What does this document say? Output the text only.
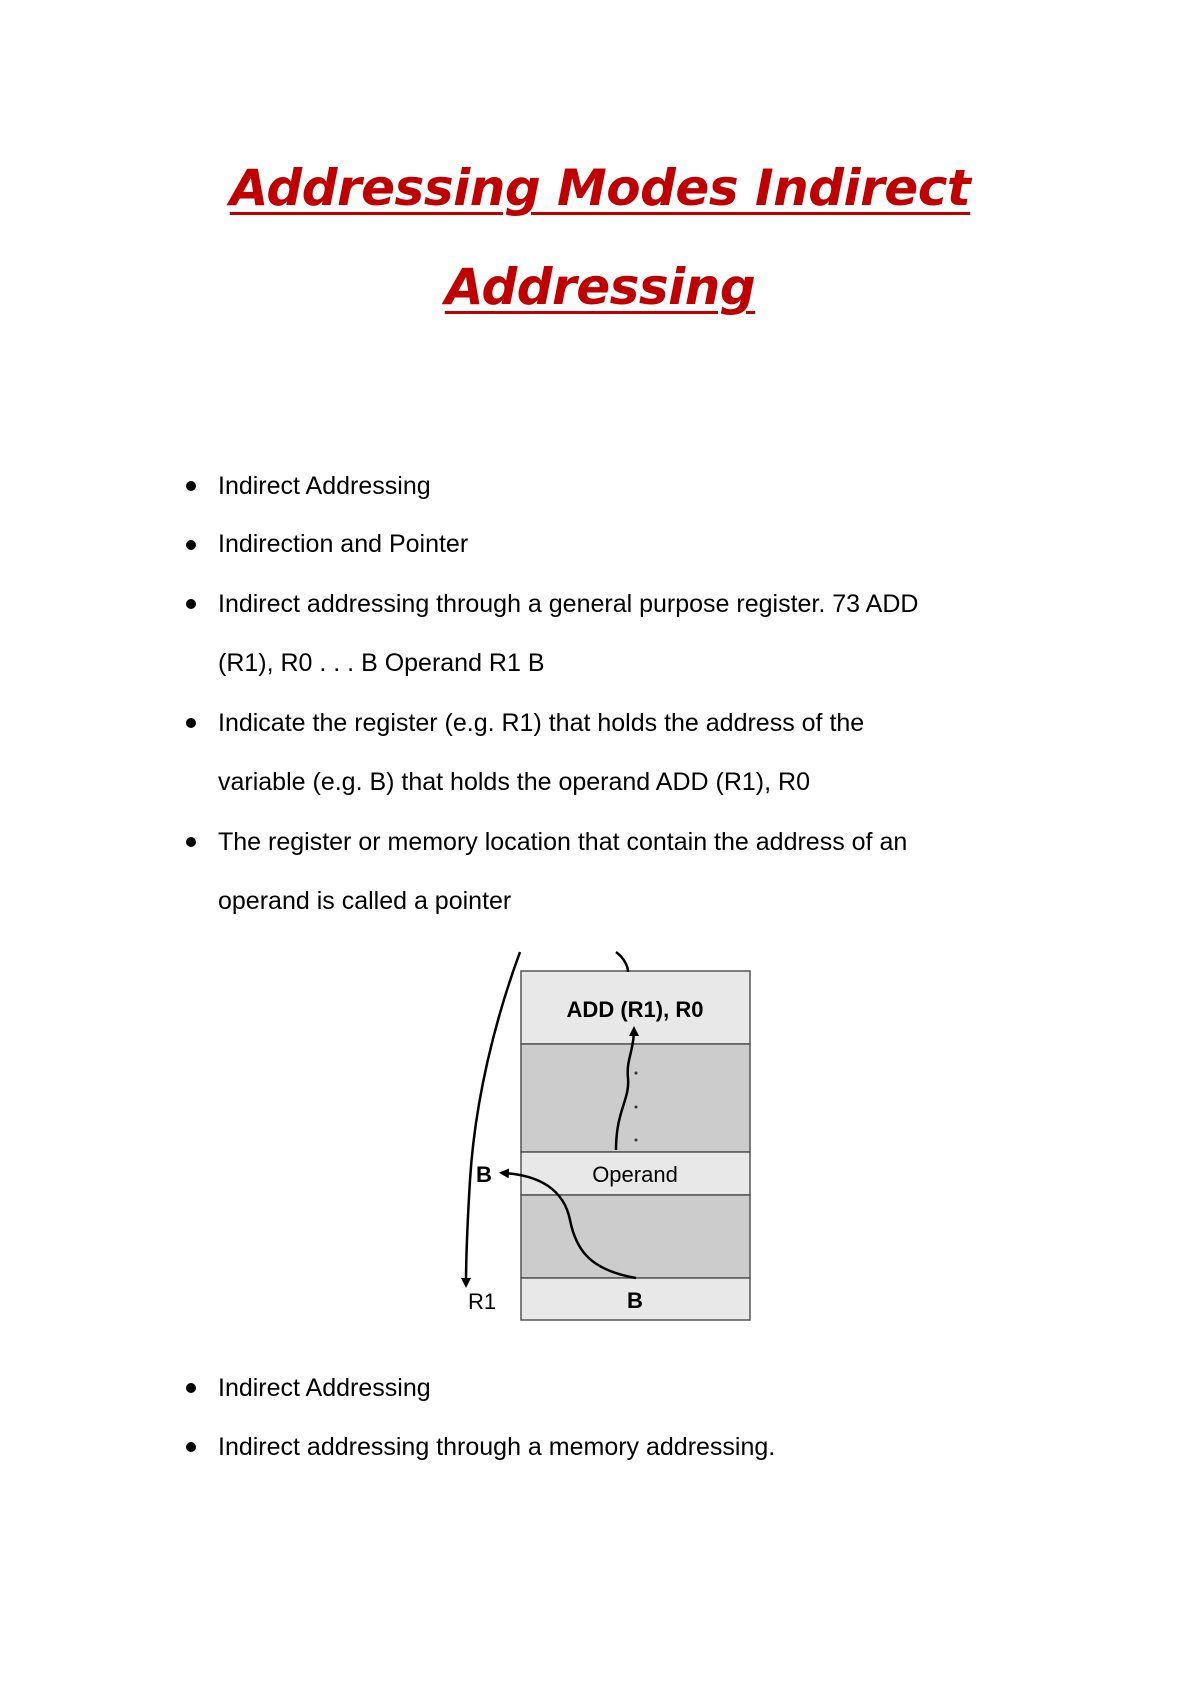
Addressing Modes Indirect
Addressing
Indirect Addressing
Indirection and Pointer
Indirect addressing through a general purpose register. 73 ADD
(R1), R0 . . . B Operand R1 B
Indicate the register (e.g. R1) that holds the address of the
variable (e.g. B) that holds the operand ADD (R1), R0
The register or memory location that contain the address of an
operand is called a pointer
ADD (R1), R0
Operand
B
B
R1
Indirect Addressing
Indirect addressing through a memory addressing.
